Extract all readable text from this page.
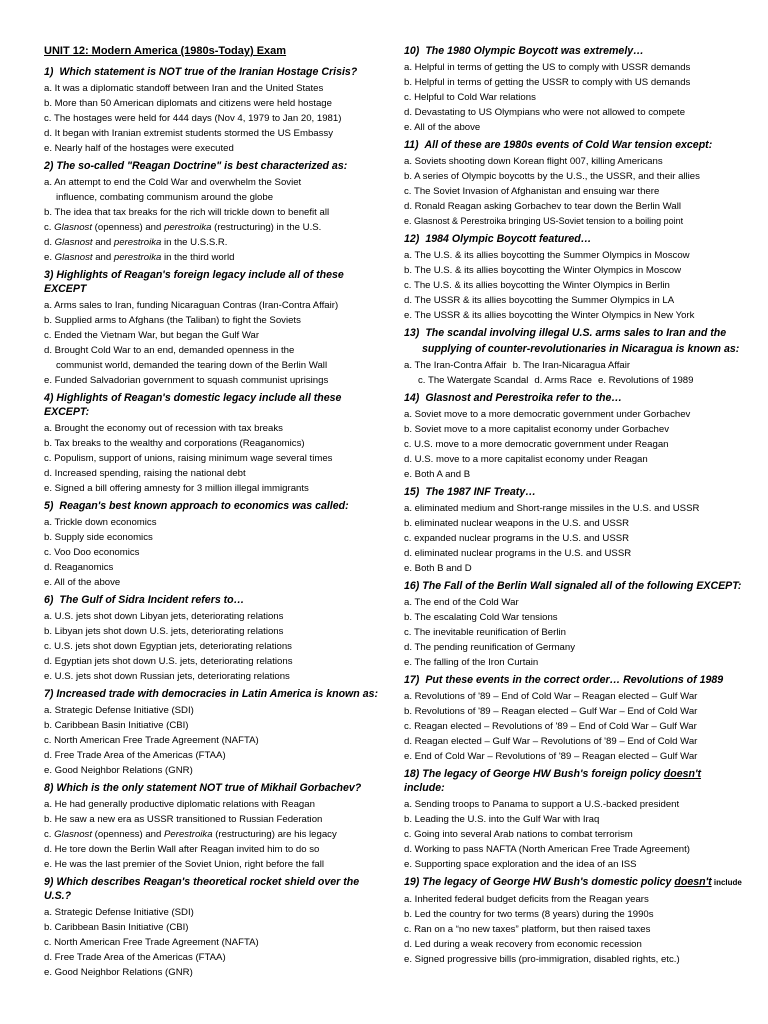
UNIT 12: Modern America (1980s-Today) Exam
1) Which statement is NOT true of the Iranian Hostage Crisis?

a. It was a diplomatic standoff between Iran and the United States

b. More than 50 American diplomats and citizens were held hostage

c. The hostages were held for 444 days (Nov 4, 1979 to Jan 20, 1981)

d. It began with Iranian extremist students stormed the US Embassy

e. Nearly half of the hostages were executed

2) The so-called "Reagan Doctrine" is best characterized as:

a. An attempt to end the Cold War and overwhelm the Soviet

influence, combating communism around the globe

b. The idea that tax breaks for the rich will trickle down to benefit all

c. Glasnost (openness) and perestroika (restructuring) in the U.S.

d. Glasnost and perestroika in the U.S.S.R.

e. Glasnost and perestroika in the third world

3) Highlights of Reagan's foreign legacy include all of these EXCEPT

a. Arms sales to Iran, funding Nicaraguan Contras (Iran-Contra Affair)

b. Supplied arms to Afghans (the Taliban) to fight the Soviets

c. Ended the Vietnam War, but began the Gulf War

d. Brought Cold War to an end, demanded openness in the

communist world, demanded the tearing down of the Berlin Wall

e. Funded Salvadorian government to squash communist uprisings

4) Highlights of Reagan's domestic legacy include all these EXCEPT:

a. Brought the economy out of recession with tax breaks

b. Tax breaks to the wealthy and corporations (Reaganomics)

c. Populism, support of unions, raising minimum wage several times

d. Increased spending, raising the national debt

e. Signed a bill offering amnesty for 3 million illegal immigrants

5) Reagan's best known approach to economics was called:

a. Trickle down economics

b. Supply side economics

c. Voo Doo economics

d. Reaganomics

e. All of the above

6) The Gulf of Sidra Incident refers to…

a. U.S. jets shot down Libyan jets, deteriorating relations

b. Libyan jets shot down U.S. jets, deteriorating relations

c. U.S. jets shot down Egyptian jets, deteriorating relations

d. Egyptian jets shot down U.S. jets, deteriorating relations

e. U.S. jets shot down Russian jets, deteriorating relations

7) Increased trade with democracies in Latin America is known as:

a. Strategic Defense Initiative (SDI)

b. Caribbean Basin Initiative (CBI)

c. North American Free Trade Agreement (NAFTA)

d. Free Trade Area of the Americas (FTAA)

e. Good Neighbor Relations (GNR)

8) Which is the only statement NOT true of Mikhail Gorbachev?

a. He had generally productive diplomatic relations with Reagan

b. He saw a new era as USSR transitioned to Russian Federation

c. Glasnost (openness) and Perestroika (restructuring) are his legacy

d. He tore down the Berlin Wall after Reagan invited him to do so

e. He was the last premier of the Soviet Union, right before the fall

9) Which describes Reagan's theoretical rocket shield over the U.S.?

a. Strategic Defense Initiative (SDI)

b. Caribbean Basin Initiative (CBI)

c. North American Free Trade Agreement (NAFTA)

d. Free Trade Area of the Americas (FTAA)

e. Good Neighbor Relations (GNR)

10) The 1980 Olympic Boycott was extremely…

a. Helpful in terms of getting the US to comply with USSR demands

b. Helpful in terms of getting the USSR to comply with US demands

c. Helpful to Cold War relations

d. Devastating to US Olympians who were not allowed to compete

e. All of the above

11) All of these are 1980s events of Cold War tension except:

a. Soviets shooting down Korean flight 007, killing Americans

b. A series of Olympic boycotts by the U.S., the USSR, and their allies

c. The Soviet Invasion of Afghanistan and ensuing war there

d. Ronald Reagan asking Gorbachev to tear down the Berlin Wall

e. Glasnost & Perestroika bringing US-Soviet tension to a boiling point

12) 1984 Olympic Boycott featured…

a. The U.S. & its allies boycotting the Summer Olympics in Moscow

b. The U.S. & its allies boycotting the Winter Olympics in Moscow

c. The U.S. & its allies boycotting the Winter Olympics in Berlin

d. The USSR & its allies boycotting the Summer Olympics in LA

e. The USSR & its allies boycotting the Winter Olympics in New York

13) The scandal involving illegal U.S. arms sales to Iran and the
supplying of counter-revolutionaries in Nicaragua is known as:
a. The Iran-Contra Affair b. The Iran-Nicaragua Affair
c. The Watergate Scandal d. Arms Race e. Revolutions of 1989
14) Glasnost and Perestroika refer to the…

a. Soviet move to a more democratic government under Gorbachev

b. Soviet move to a more capitalist economy under Gorbachev

c. U.S. move to a more democratic government under Reagan

d. U.S. move to a more capitalist economy under Reagan

e. Both A and B

15) The 1987 INF Treaty…

a. eliminated medium and Short-range missiles in the U.S. and USSR

b. eliminated nuclear weapons in the U.S. and USSR

c. expanded nuclear programs in the U.S. and USSR

d. eliminated nuclear programs in the U.S. and USSR

e. Both B and D

16) The Fall of the Berlin Wall signaled all of the following EXCEPT:

a. The end of the Cold War

b. The escalating Cold War tensions

c. The inevitable reunification of Berlin

d. The pending reunification of Germany

e. The falling of the Iron Curtain

17) Put these events in the correct order… Revolutions of 1989

a. Revolutions of '89 – End of Cold War – Reagan elected – Gulf War

b. Revolutions of '89 – Reagan elected – Gulf War – End of Cold War

c. Reagan elected – Revolutions of '89 – End of Cold War – Gulf War

d. Reagan elected – Gulf War – Revolutions of '89 – End of Cold War

e. End of Cold War – Revolutions of '89 – Reagan elected – Gulf War

18) The legacy of George HW Bush's foreign policy doesn't include:

a. Sending troops to Panama to support a U.S.-backed president

b. Leading the U.S. into the Gulf War with Iraq

c. Going into several Arab nations to combat terrorism

d. Working to pass NAFTA (North American Free Trade Agreement)

e. Supporting space exploration and the idea of an ISS

19) The legacy of George HW Bush's domestic policy doesn't include

a. Inherited federal budget deficits from the Reagan years

b. Led the country for two terms (8 years) during the 1990s

c. Ran on a “no new taxes” platform, but then raised taxes

d. Led during a weak recovery from economic recession

e. Signed progressive bills (pro-immigration, disabled rights, etc.)
